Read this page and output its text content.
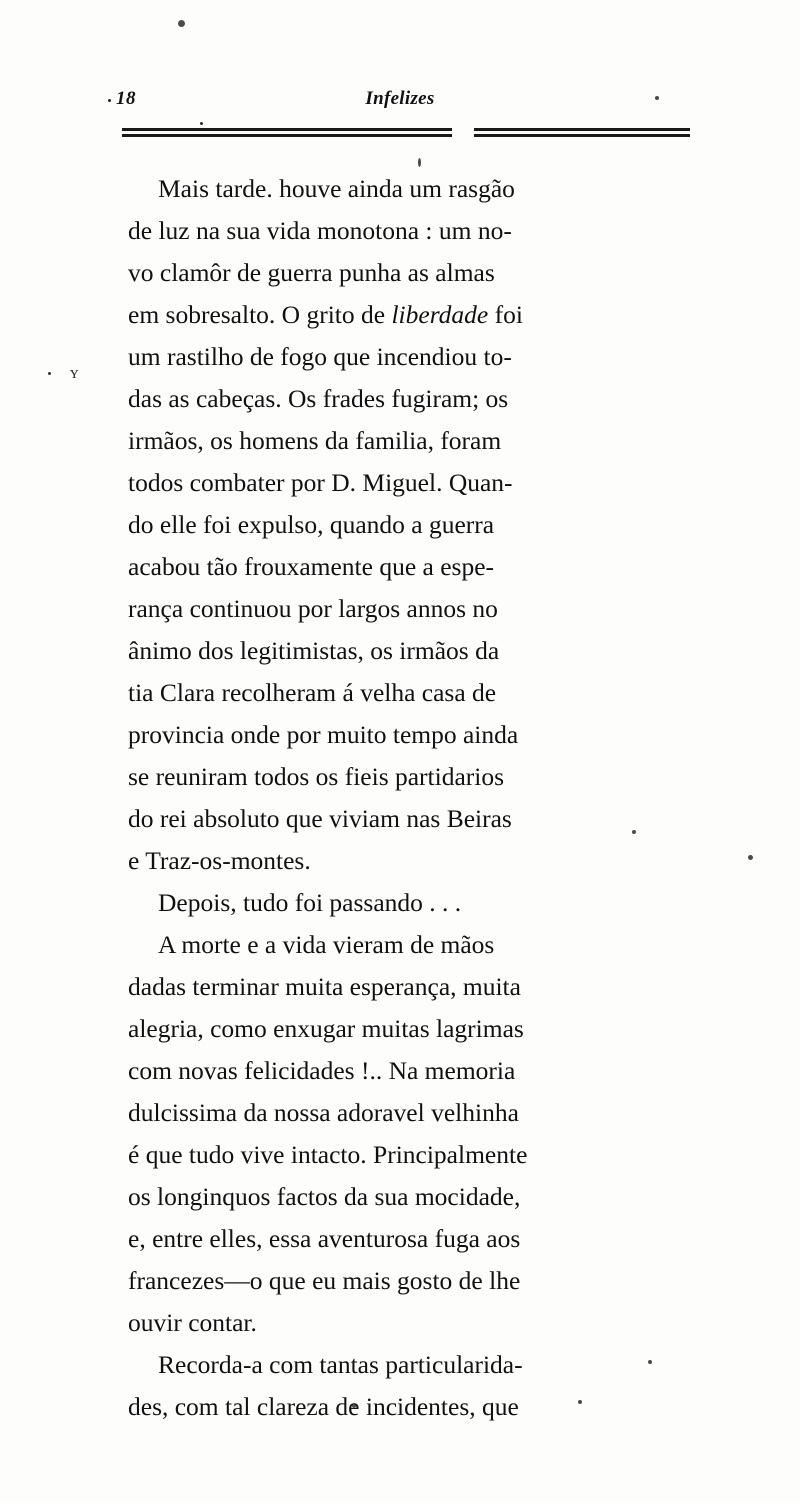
18	Infelizes
ʏ

Mais tarde. houve ainda um rasgão
de luz na sua vida monotona : um no-
vo clamôr de guerra punha as almas
em sobresalto. O grito de liberdade foi
um rastilho de fogo que incendiou to-
das as cabeças. Os frades fugiram; os
irmãos, os homens da familia, foram
todos combater por D. Miguel. Quan-
do elle foi expulso, quando a guerra
acabou tão frouxamente que a espe-
rança continuou por largos annos no
ânimo dos legitimistas, os irmãos da
tia Clara recolheram á velha casa de
provincia onde por muito tempo ainda
se reuniram todos os fieis partidarios
do rei absoluto que viviam nas Beiras
e Traz-os-montes.

Depois, tudo foi passando . . .

A morte e a vida vieram de mãos
dadas terminar muita esperança, muita
alegria, como enxugar muitas lagrimas
com novas felicidades !.. Na memoria
dulcissima da nossa adoravel velhinha
é que tudo vive intacto. Principalmente
os longinquos factos da sua mocidade,
e, entre elles, essa aventurosa fuga aos
francezes—o que eu mais gosto de lhe
ouvir contar.

Recorda-a com tantas particularida-
des, com tal clareza de incidentes, que
